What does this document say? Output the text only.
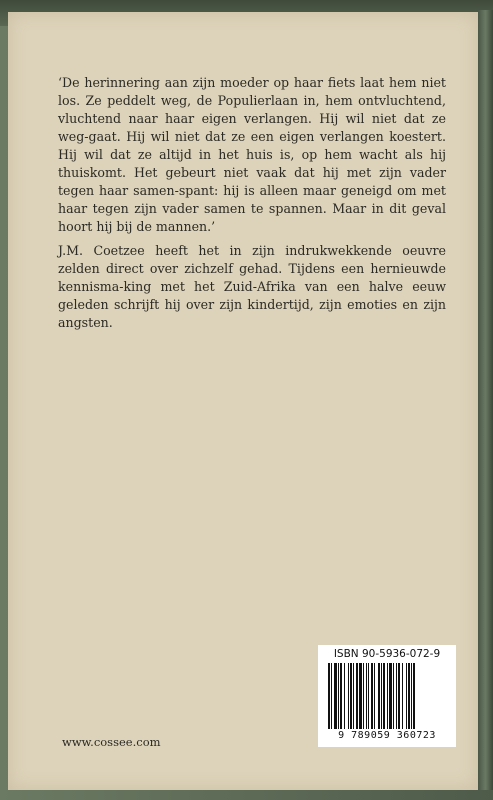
‘De herinnering aan zijn moeder op haar fiets laat hem niet los. Ze peddelt weg, de Populierlaan in, hem ontvluchtend, vluchtend naar haar eigen verlangen. Hij wil niet dat ze weg-gaat. Hij wil niet dat ze een eigen verlangen koestert. Hij wil dat ze altijd in het huis is, op hem wacht als hij thuiskomt. Het gebeurt niet vaak dat hij met zijn vader tegen haar samen-spant: hij is alleen maar geneigd om met haar tegen zijn vader samen te spannen. Maar in dit geval hoort hij bij de mannen.’

J.M. Coetzee heeft het in zijn indrukwekkende oeuvre zelden direct over zichzelf gehad. Tijdens een hernieuwde kennisma-king met het Zuid-Afrika van een halve eeuw geleden schrijft hij over zijn kindertijd, zijn emoties en zijn angsten.

www.cossee.com
ISBN 90-5936-072-9
9 789059 360723
